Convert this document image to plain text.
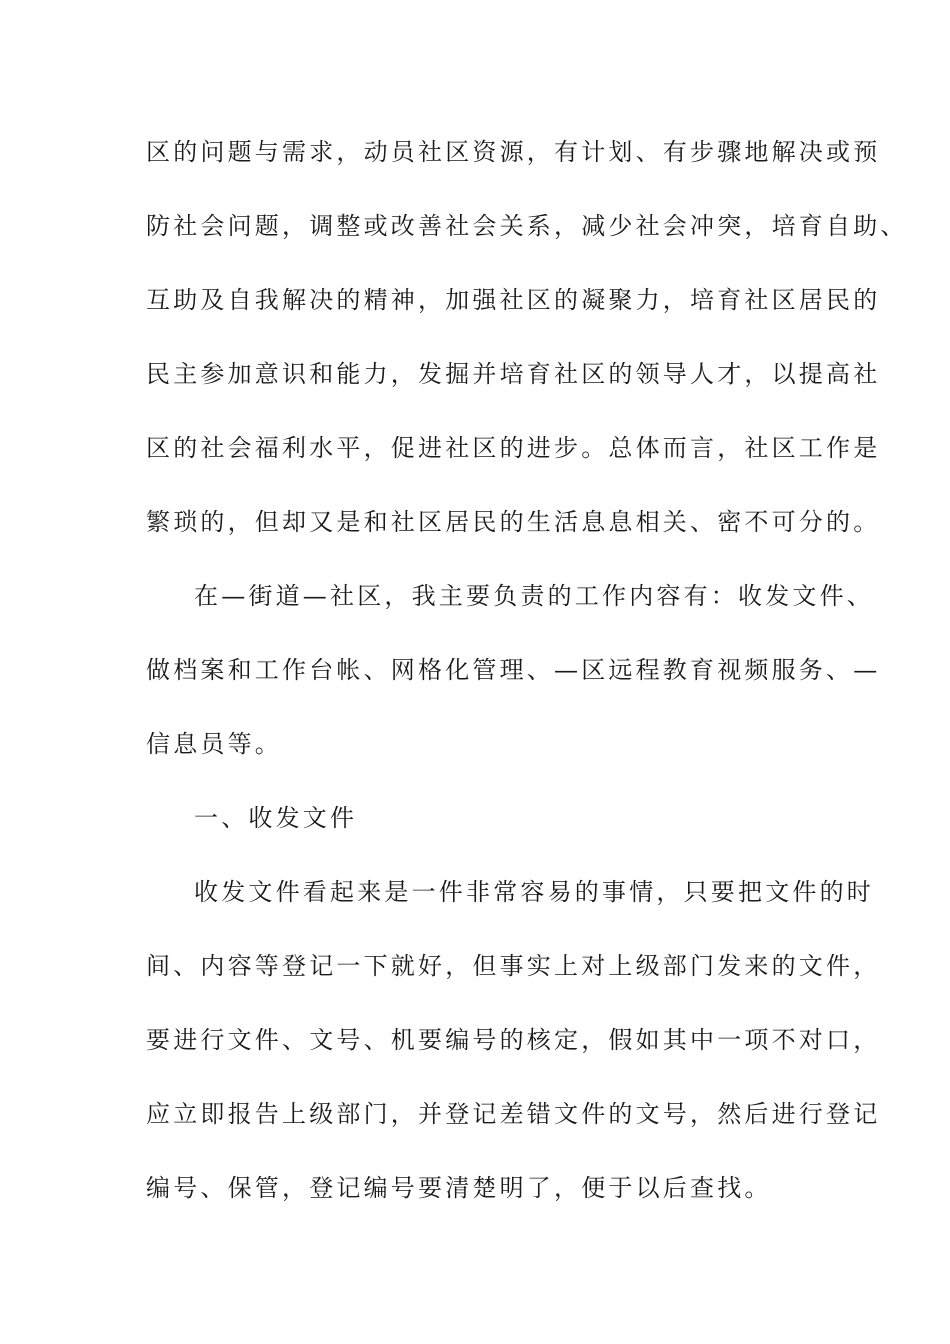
区的问题与需求，动员社区资源，有计划、有步骤地解决或预
防社会问题，调整或改善社会关系，减少社会冲突，培育自助、
互助及自我解决的精神，加强社区的凝聚力，培育社区居民的
民主参加意识和能力，发掘并培育社区的领导人才，以提高社
区的社会福利水平，促进社区的进步。总体而言，社区工作是
繁琐的，但却又是和社区居民的生活息息相关、密不可分的。
在—街道—社区，我主要负责的工作内容有：收发文件、
做档案和工作台帐、网格化管理、—区远程教育视频服务、—
信息员等。
一、收发文件
收发文件看起来是一件非常容易的事情，只要把文件的时
间、内容等登记一下就好，但事实上对上级部门发来的文件，
要进行文件、文号、机要编号的核定，假如其中一项不对口，
应立即报告上级部门，并登记差错文件的文号，然后进行登记
编号、保管，登记编号要清楚明了，便于以后查找。
